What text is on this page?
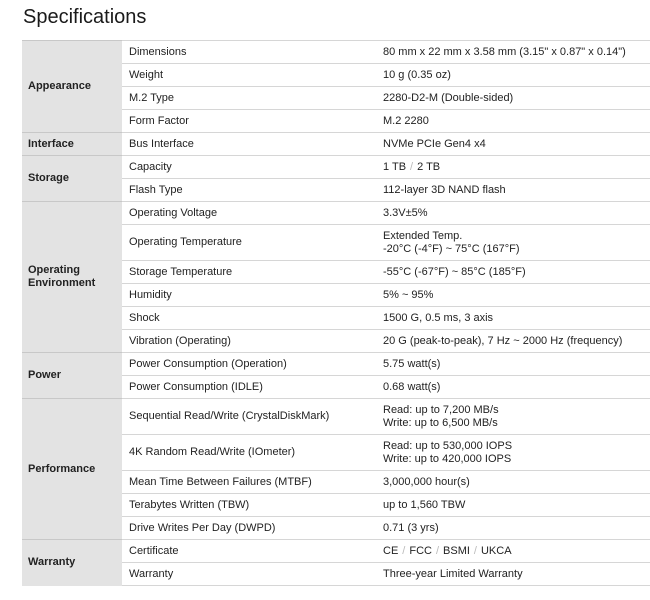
Specifications
Appearance	Dimensions	80 mm x 22 mm x 3.58 mm (3.15" x 0.87" x 0.14")
	Weight	10 g (0.35 oz)
	M.2 Type	2280-D2-M (Double-sided)
	Form Factor	M.2 2280
Interface	Bus Interface	NVMe PCIe Gen4 x4
Storage	Capacity	1 TB / 2 TB
	Flash Type	112-layer 3D NAND flash

Operating
Environment	Operating Voltage	3.3V±5%
	Operating Temperature	Extended Temp.
-20°C (-4°F) ~ 75°C (167°F)

	Storage Temperature	-55°C (-67°F) ~ 85°C (185°F)
	Humidity	5% ~ 95%
	Shock	1500 G, 0.5 ms, 3 axis
	Vibration (Operating)	20 G (peak-to-peak), 7 Hz ~ 2000 Hz (frequency)
Power	Power Consumption (Operation)	5.75 watt(s)
	Power Consumption (IDLE)	0.68 watt(s)
Performance	Sequential Read/Write (CrystalDiskMark)	Read: up to 7,200 MB/s
Write: up to 6,500 MB/s

	4K Random Read/Write (IOmeter)	Read: up to 530,000 IOPS
Write: up to 420,000 IOPS

	Mean Time Between Failures (MTBF)	3,000,000 hour(s)
	Terabytes Written (TBW)	up to 1,560 TBW
	Drive Writes Per Day (DWPD)	0.71 (3 yrs)
Warranty	Certificate	CE / FCC / BSMI / UKCA
	Warranty	Three-year Limited Warranty
